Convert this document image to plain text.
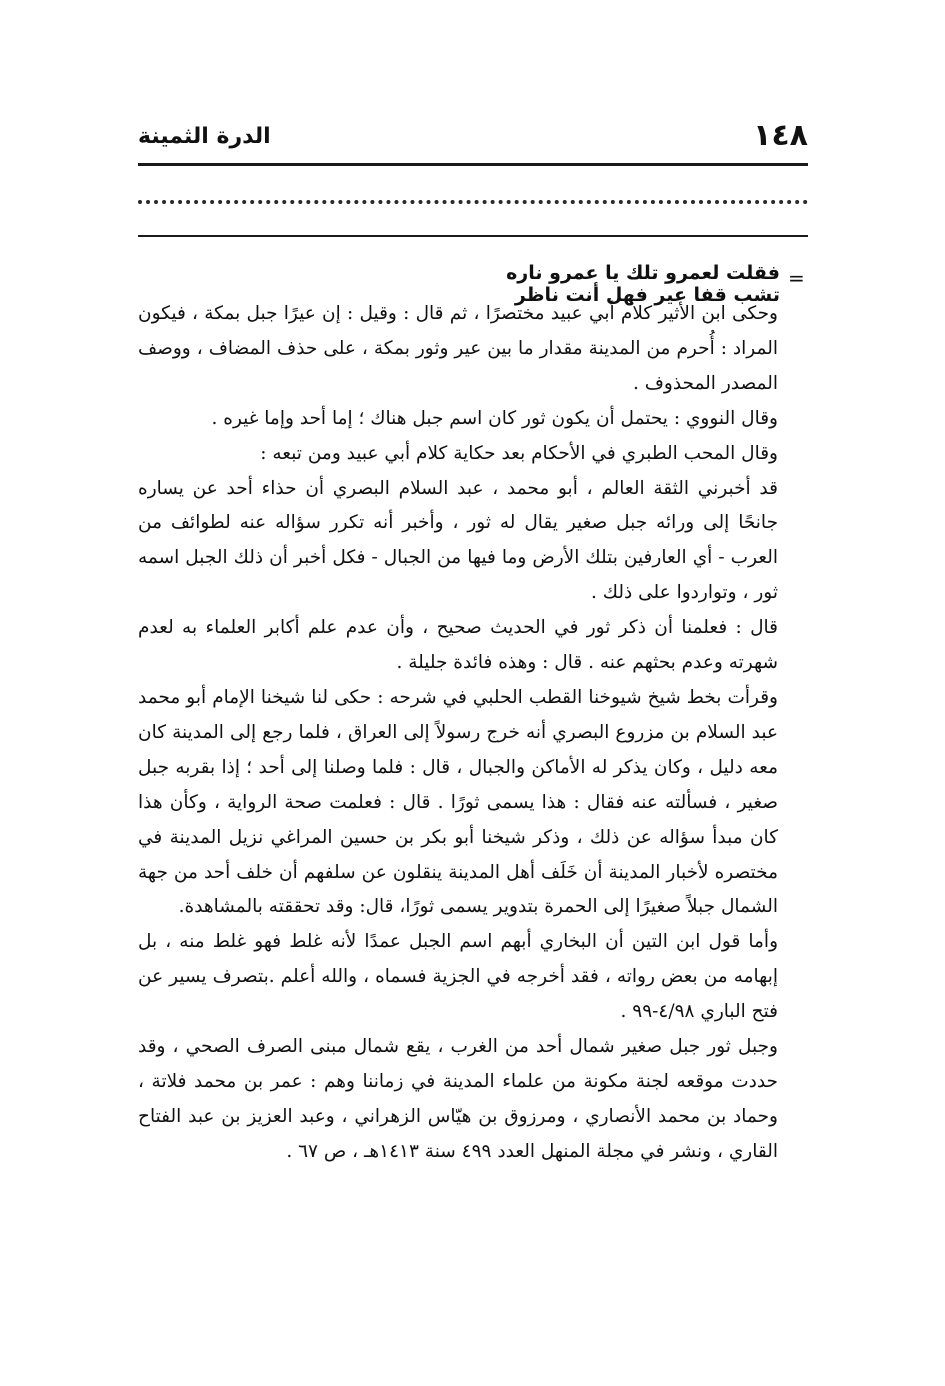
١٤٨
الدرة الثمينة
=
فقلت لعمرو تلك يا عمرو نارهتشب قفا عير فهل أنت ناظر

وحكى ابن الأثير كلام أبي عبيد مختصرًا ، ثم قال : وقيل : إن عيرًا جبل بمكة ، فيكون المراد : أُحرم من المدينة مقدار ما بين عير وثور بمكة ، على حذف المضاف ، ووصف المصدر المحذوف .

وقال النووي : يحتمل أن يكون ثور كان اسم جبل هناك ؛ إما أحد وإما غيره .

وقال المحب الطبري في الأحكام بعد حكاية كلام أبي عبيد ومن تبعه :

قد أخبرني الثقة العالم ، أبو محمد ، عبد السلام البصري أن حذاء أحد عن يساره جانحًا إلى ورائه جبل صغير يقال له ثور ، وأخبر أنه تكرر سؤاله عنه لطوائف من العرب - أي العارفين بتلك الأرض وما فيها من الجبال - فكل أخبر أن ذلك الجبل اسمه ثور ، وتواردوا على ذلك .

قال : فعلمنا أن ذكر ثور في الحديث صحيح ، وأن عدم علم أكابر العلماء به لعدم شهرته وعدم بحثهم عنه . قال : وهذه فائدة جليلة .

وقرأت بخط شيخ شيوخنا القطب الحلبي في شرحه : حكى لنا شيخنا الإمام أبو محمد عبد السلام بن مزروع البصري أنه خرج رسولاً إلى العراق ، فلما رجع إلى المدينة كان معه دليل ، وكان يذكر له الأماكن والجبال ، قال : فلما وصلنا إلى أحد ؛ إذا بقربه جبل صغير ، فسألته عنه فقال : هذا يسمى ثورًا . قال : فعلمت صحة الرواية ، وكأن هذا كان مبدأ سؤاله عن ذلك ، وذكر شيخنا أبو بكر بن حسين المراغي نزيل المدينة في مختصره لأخبار المدينة أن خَلَف أهل المدينة ينقلون عن سلفهم أن خلف أحد من جهة الشمال جبلاً صغيرًا إلى الحمرة بتدوير يسمى ثورًا، قال: وقد تحققته بالمشاهدة.

وأما قول ابن التين أن البخاري أبهم اسم الجبل عمدًا لأنه غلط فهو غلط منه ، بل إبهامه من بعض رواته ، فقد أخرجه في الجزية فسماه ، والله أعلم .بتصرف يسير عن فتح الباري ٤/٩٨-٩٩ .

وجبل ثور جبل صغير شمال أحد من الغرب ، يقع شمال مبنى الصرف الصحي ، وقد حددت موقعه لجنة مكونة من علماء المدينة في زماننا وهم : عمر بن محمد فلاتة ، وحماد بن محمد الأنصاري ، ومرزوق بن هيّاس الزهراني ، وعبد العزيز بن عبد الفتاح القاري ، ونشر في مجلة المنهل العدد ٤٩٩ سنة ١٤١٣هـ ، ص ٦٧ .
